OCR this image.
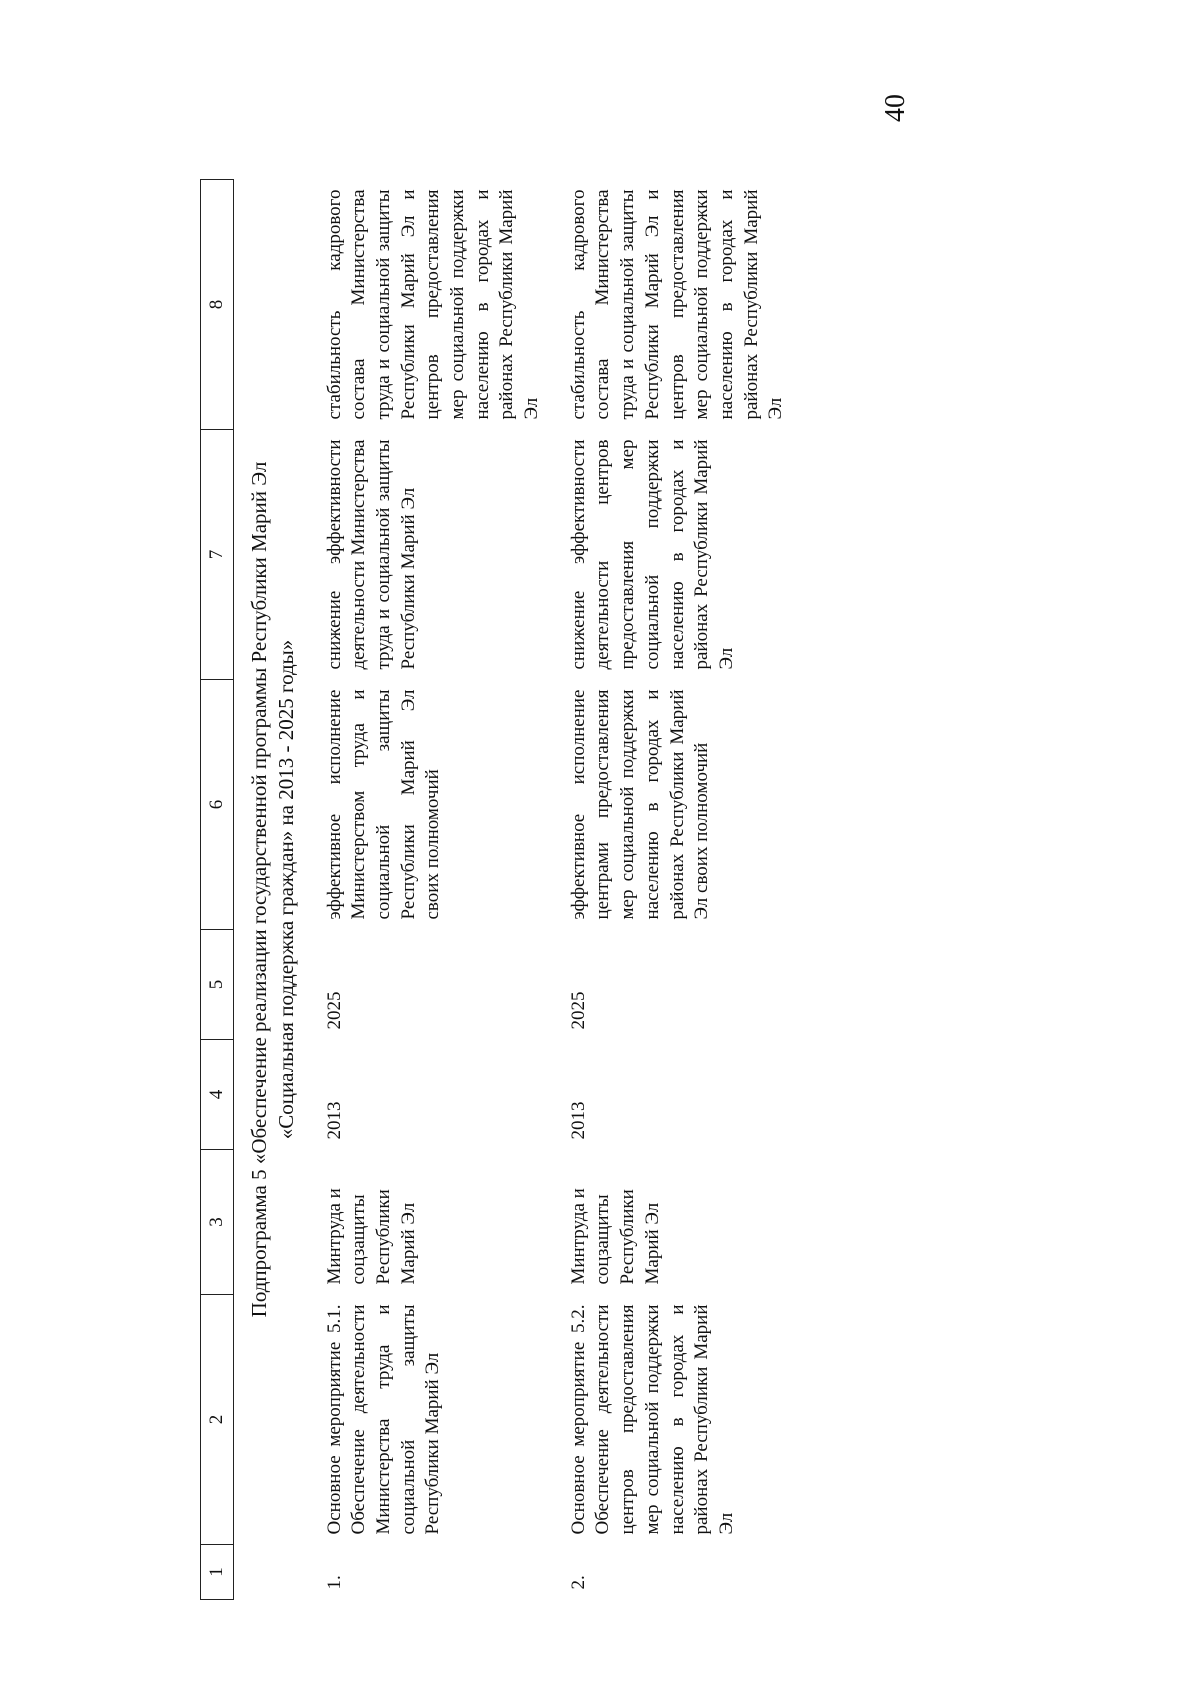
40
1	2	3	4	5	6	7	8

Подпрограмма 5 «Обеспечение реализации государственной программы Республики Марий Эл «Социальная поддержка граждан» на 2013 - 2025 годы»							

1.	Основное мероприятие 5.1. Обеспечение деятельности Министерства труда и социальной защиты Республики Марий Эл	Минтруда и соцзащиты Республики Марий Эл	2013	2025	эффективное исполнение Министерством труда и социальной защиты Республики Марий Эл своих полномочий	снижение эффективности деятельности Министерства труда и социальной защиты Республики Марий Эл	стабильность кадрового состава Министерства труда и социальной защиты Республики Марий Эл и центров предоставления мер социальной поддержки населению в городах и районах Республики Марий Эл
2.	Основное мероприятие 5.2. Обеспечение деятельности центров предоставления мер социальной поддержки населению в городах и районах Республики Марий Эл	Минтруда и соцзащиты Республики Марий Эл	2013	2025	эффективное исполнение центрами предоставления мер социальной поддержки населению в городах и районах Республики Марий Эл своих полномочий	снижение эффективности деятельности центров предоставления мер социальной поддержки населению в городах и районах Республики Марий Эл	стабильность кадрового состава Министерства труда и социальной защиты Республики Марий Эл и центров предоставления мер социальной поддержки населению в городах и районах Республики Марий Эл
